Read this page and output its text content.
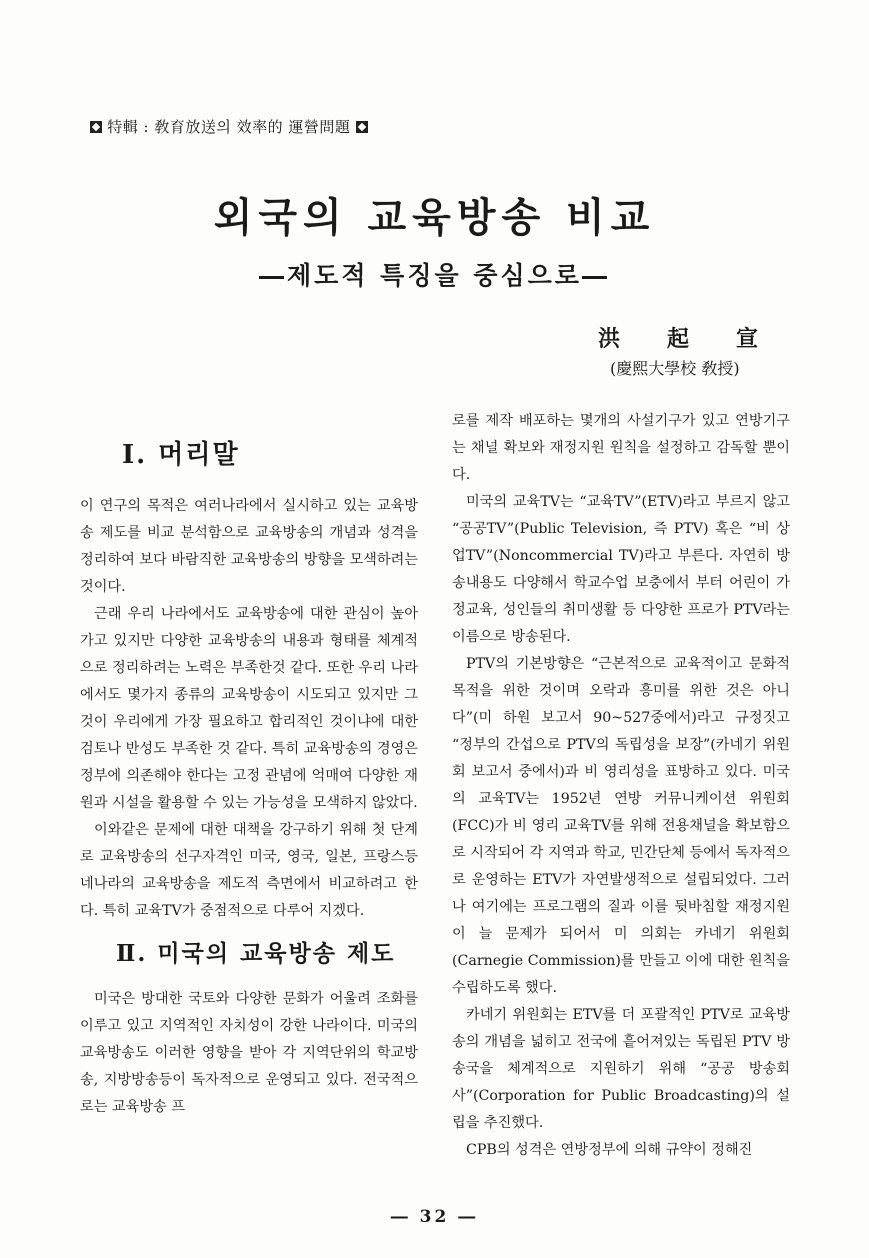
特輯 : 敎育放送의 效率的 運營問題
외국의 교육방송 비교
―제도적 특징을 중심으로―
洪 起 宣
(慶熙大學校 敎授)
Ⅰ. 머리말

이 연구의 목적은 여러나라에서 실시하고 있는 교육방송 제도를 비교 분석함으로 교육방송의 개념과 성격을 정리하여 보다 바람직한 교육방송의 방향을 모색하려는 것이다.

근래 우리 나라에서도 교육방송에 대한 관심이 높아가고 있지만 다양한 교육방송의 내용과 형태를 체계적으로 정리하려는 노력은 부족한것 같다. 또한 우리 나라에서도 몇가지 종류의 교육방송이 시도되고 있지만 그것이 우리에게 가장 필요하고 합리적인 것이냐에 대한 검토나 반성도 부족한 것 같다. 특히 교육방송의 경영은 정부에 의존해야 한다는 고정 관념에 억매여 다양한 재원과 시설을 활용할 수 있는 가능성을 모색하지 않았다.

이와같은 문제에 대한 대책을 강구하기 위해 첫 단계로 교육방송의 선구자격인 미국, 영국, 일본, 프랑스등 네나라의 교육방송을 제도적 측면에서 비교하려고 한다. 특히 교육TV가 중점적으로 다루어 지겠다.

Ⅱ. 미국의 교육방송 제도

미국은 방대한 국토와 다양한 문화가 어울려 조화를 이루고 있고 지역적인 자치성이 강한 나라이다. 미국의 교육방송도 이러한 영향을 받아 각 지역단위의 학교방송, 지방방송등이 독자적으로 운영되고 있다. 전국적으로는 교육방송 프

로를 제작 배포하는 몇개의 사설기구가 있고 연방기구는 채널 확보와 재정지원 원칙을 설정하고 감독할 뿐이다.

미국의 교육TV는 “교육TV”(ETV)라고 부르지 않고 “공공TV”(Public Television, 즉 PTV) 혹은 “비 상업TV”(Noncommercial TV)라고 부른다. 자연히 방송내용도 다양해서 학교수업 보충에서 부터 어린이 가정교육, 성인들의 취미생활 등 다양한 프로가 PTV라는 이름으로 방송된다.

PTV의 기본방향은 “근본적으로 교육적이고 문화적 목적을 위한 것이며 오락과 흥미를 위한 것은 아니다”(미 하원 보고서 90~527중에서)라고 규정짓고 “정부의 간섭으로 PTV의 독립성을 보장”(카네기 위원회 보고서 중에서)과 비 영리성을 표방하고 있다. 미국의 교육TV는 1952년 연방 커뮤니케이션 위원회(FCC)가 비 영리 교육TV를 위해 전용채널을 확보함으로 시작되어 각 지역과 학교, 민간단체 등에서 독자적으로 운영하는 ETV가 자연발생적으로 설립되었다. 그러나 여기에는 프로그램의 질과 이를 뒷바침할 재정지원이 늘 문제가 되어서 미 의회는 카네기 위원회(Carnegie Commission)를 만들고 이에 대한 원칙을 수립하도록 했다.

카네기 위원회는 ETV를 더 포괄적인 PTV로 교육방송의 개념을 넓히고 전국에 흩어져있는 독립된 PTV 방송국을 체계적으로 지원하기 위해 “공공 방송회사”(Corporation for Public Broadcasting)의 설립을 추진했다.

CPB의 성격은 연방정부에 의해 규약이 정해진

― 32 ―
